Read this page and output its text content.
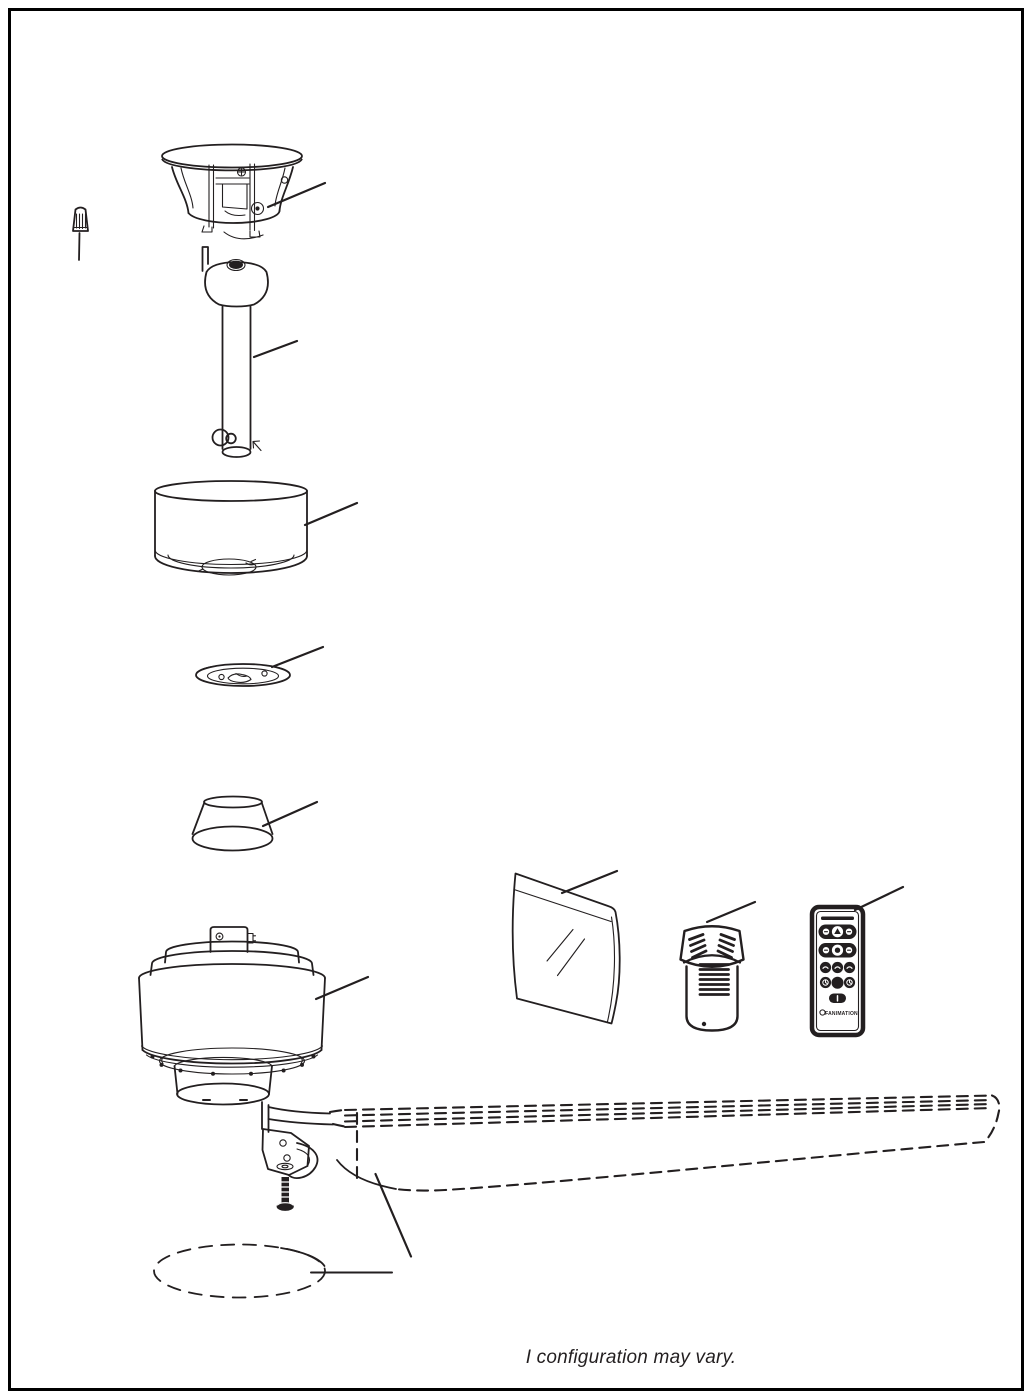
FANIMATION
I configuration may vary.
